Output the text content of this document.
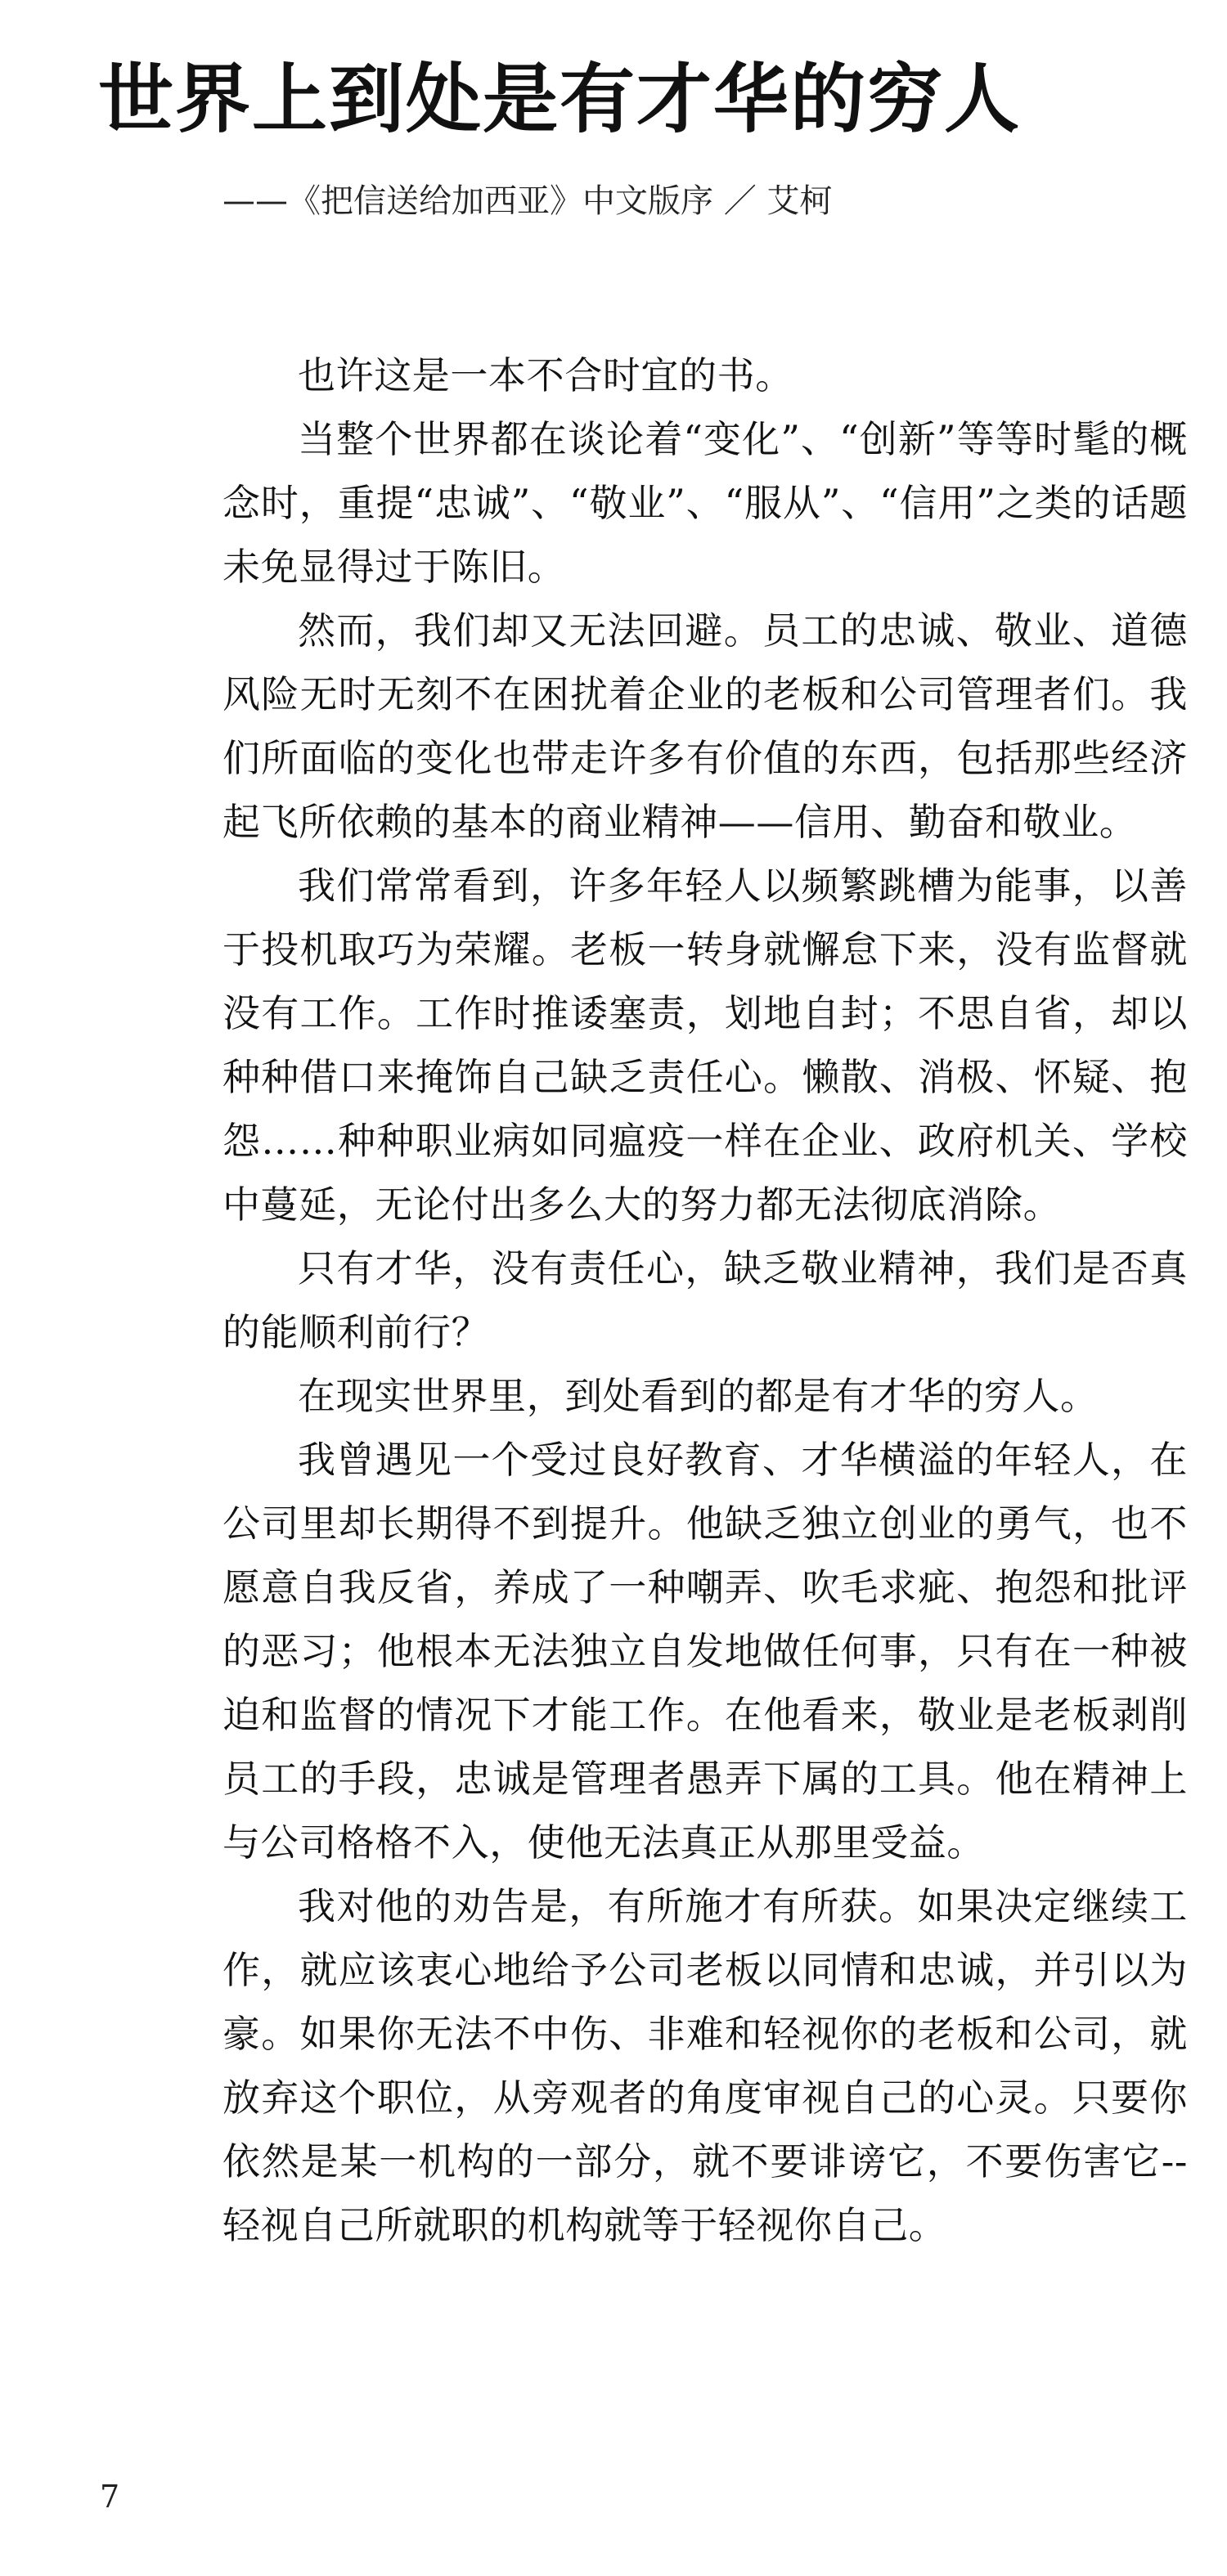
世界上到处是有才华的穷人
——《把信送给加西亚》中文版序 ／ 艾柯

也许这是一本不合时宜的书。

当整个世界都在谈论着“变化”、“创新”等等时髦的概念时，重提“忠诚”、“敬业”、“服从”、“信用”之类的话题未免显得过于陈旧。

然而，我们却又无法回避。员工的忠诚、敬业、道德风险无时无刻不在困扰着企业的老板和公司管理者们。我们所面临的变化也带走许多有价值的东西，包括那些经济起飞所依赖的基本的商业精神——信用、勤奋和敬业。

我们常常看到，许多年轻人以频繁跳槽为能事，以善于投机取巧为荣耀。老板一转身就懈怠下来，没有监督就没有工作。工作时推诿塞责，划地自封；不思自省，却以种种借口来掩饰自己缺乏责任心。懒散、消极、怀疑、抱怨……种种职业病如同瘟疫一样在企业、政府机关、学校中蔓延，无论付出多么大的努力都无法彻底消除。

只有才华，没有责任心，缺乏敬业精神，我们是否真的能顺利前行？

在现实世界里，到处看到的都是有才华的穷人。

我曾遇见一个受过良好教育、才华横溢的年轻人，在公司里却长期得不到提升。他缺乏独立创业的勇气，也不愿意自我反省，养成了一种嘲弄、吹毛求疵、抱怨和批评的恶习；他根本无法独立自发地做任何事，只有在一种被迫和监督的情况下才能工作。在他看来，敬业是老板剥削员工的手段，忠诚是管理者愚弄下属的工具。他在精神上与公司格格不入，使他无法真正从那里受益。

我对他的劝告是，有所施才有所获。如果决定继续工作，就应该衷心地给予公司老板以同情和忠诚，并引以为豪。如果你无法不中伤、非难和轻视你的老板和公司，就放弃这个职位，从旁观者的角度审视自己的心灵。只要你依然是某一机构的一部分，就不要诽谤它，不要伤害它--轻视自己所就职的机构就等于轻视你自己。

7
